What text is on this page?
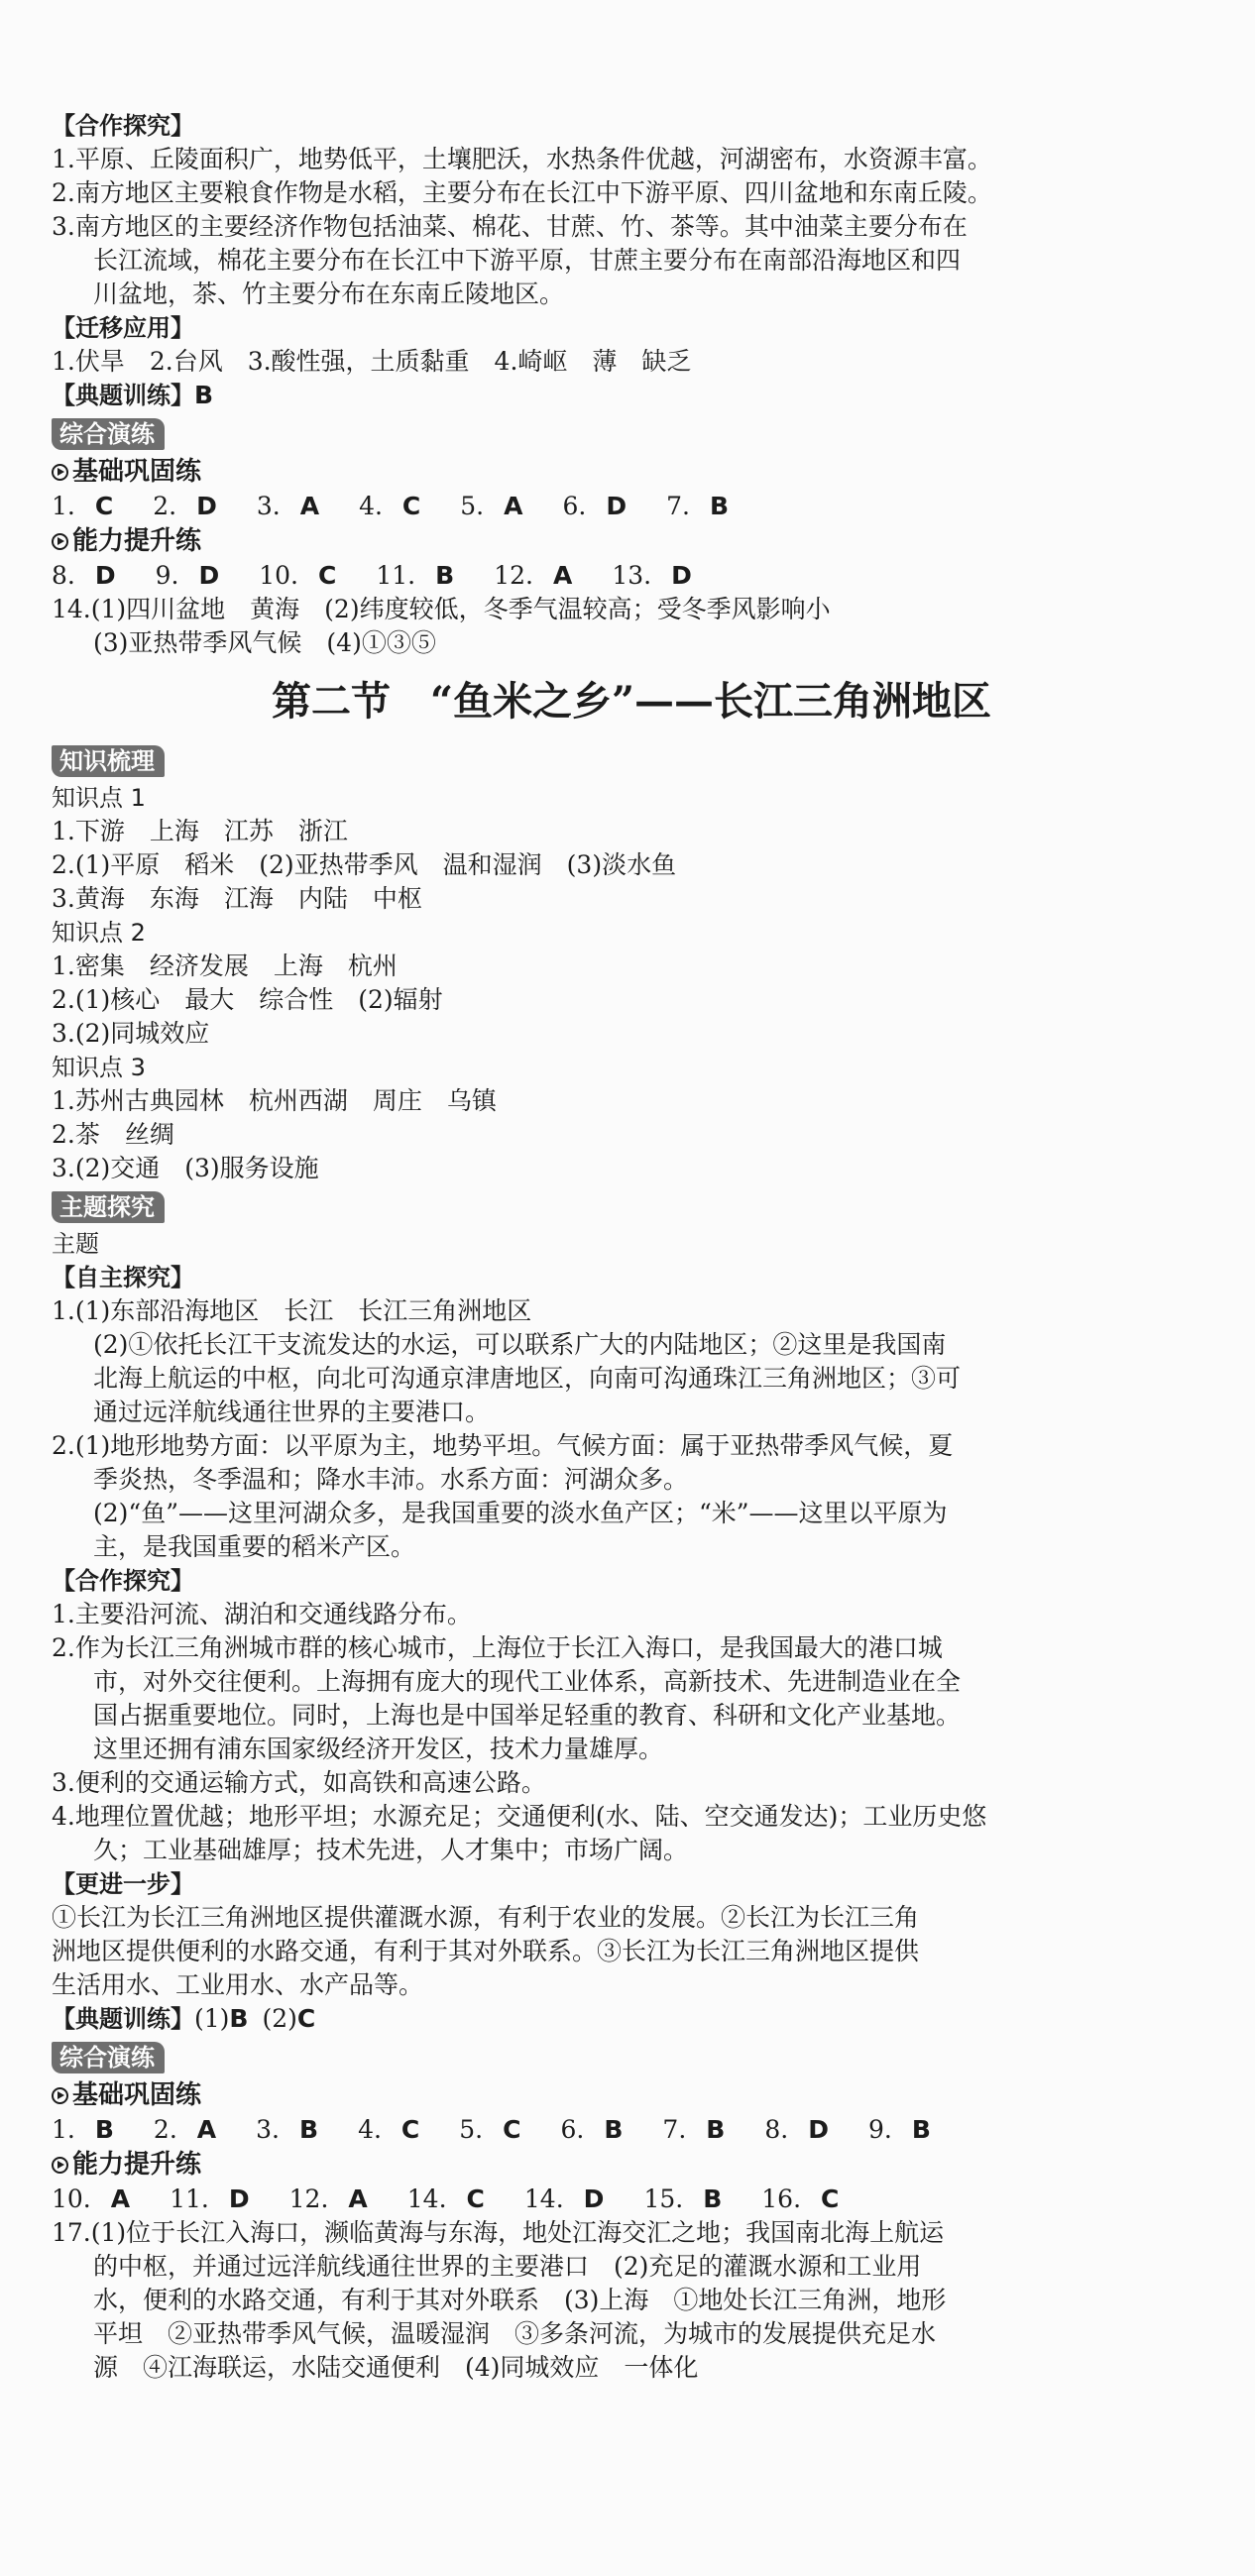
【合作探究】
1.平原、丘陵面积广，地势低平，土壤肥沃，水热条件优越，河湖密布，水资源丰富。
2.南方地区主要粮食作物是水稻，主要分布在长江中下游平原、四川盆地和东南丘陵。
3.南方地区的主要经济作物包括油菜、棉花、甘蔗、竹、茶等。其中油菜主要分布在
长江流域，棉花主要分布在长江中下游平原，甘蔗主要分布在南部沿海地区和四
川盆地，茶、竹主要分布在东南丘陵地区。
【迁移应用】
1.伏旱　2.台风　3.酸性强，土质黏重　4.崎岖　薄　缺乏
【典题训练】B
综合演练
基础巩固练
1. C 2. D 3. A 4. C 5. A 6. D 7. B
能力提升练
8. D 9. D 10. C 11. B 12. A 13. D
14.(1)四川盆地　黄海　(2)纬度较低，冬季气温较高；受冬季风影响小
(3)亚热带季风气候　(4)①③⑤
第二节　“鱼米之乡”——长江三角洲地区
知识梳理
知识点 1
1.下游　上海　江苏　浙江
2.(1)平原　稻米　(2)亚热带季风　温和湿润　(3)淡水鱼
3.黄海　东海　江海　内陆　中枢
知识点 2
1.密集　经济发展　上海　杭州
2.(1)核心　最大　综合性　(2)辐射
3.(2)同城效应
知识点 3
1.苏州古典园林　杭州西湖　周庄　乌镇
2.茶　丝绸
3.(2)交通　(3)服务设施
主题探究
主题
【自主探究】
1.(1)东部沿海地区　长江　长江三角洲地区
(2)①依托长江干支流发达的水运，可以联系广大的内陆地区；②这里是我国南
北海上航运的中枢，向北可沟通京津唐地区，向南可沟通珠江三角洲地区；③可
通过远洋航线通往世界的主要港口。
2.(1)地形地势方面：以平原为主，地势平坦。气候方面：属于亚热带季风气候，夏
季炎热，冬季温和；降水丰沛。水系方面：河湖众多。
(2)“鱼”——这里河湖众多，是我国重要的淡水鱼产区；“米”——这里以平原为
主，是我国重要的稻米产区。
【合作探究】
1.主要沿河流、湖泊和交通线路分布。
2.作为长江三角洲城市群的核心城市，上海位于长江入海口，是我国最大的港口城
市，对外交往便利。上海拥有庞大的现代工业体系，高新技术、先进制造业在全
国占据重要地位。同时，上海也是中国举足轻重的教育、科研和文化产业基地。
这里还拥有浦东国家级经济开发区，技术力量雄厚。
3.便利的交通运输方式，如高铁和高速公路。
4.地理位置优越；地形平坦；水源充足；交通便利(水、陆、空交通发达)；工业历史悠
久；工业基础雄厚；技术先进，人才集中；市场广阔。
【更进一步】
①长江为长江三角洲地区提供灌溉水源，有利于农业的发展。②长江为长江三角
洲地区提供便利的水路交通，有利于其对外联系。③长江为长江三角洲地区提供
生活用水、工业用水、水产品等。
【典题训练】(1)B (2)C
综合演练
基础巩固练
1. B 2. A 3. B 4. C 5. C 6. B 7. B 8. D 9. B
能力提升练
10. A 11. D 12. A 14. C 14. D 15. B 16. C
17.(1)位于长江入海口，濒临黄海与东海，地处江海交汇之地；我国南北海上航运
的中枢，并通过远洋航线通往世界的主要港口　(2)充足的灌溉水源和工业用
水，便利的水路交通，有利于其对外联系　(3)上海　①地处长江三角洲，地形
平坦　②亚热带季风气候，温暖湿润　③多条河流，为城市的发展提供充足水
源　④江海联运，水陆交通便利　(4)同城效应　一体化
